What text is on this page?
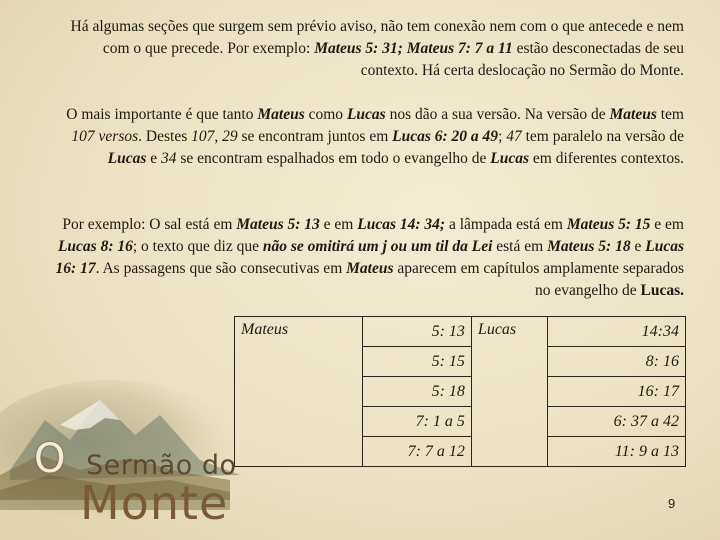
Há algumas seções que surgem sem prévio aviso, não tem conexão nem com o que antecede e nem com o que precede. Por exemplo: Mateus 5: 31; Mateus 7: 7 a 11 estão desconectadas de seu contexto. Há certa deslocação no Sermão do Monte.

O mais importante é que tanto Mateus como Lucas nos dão a sua versão. Na versão de Mateus tem 107 versos. Destes 107, 29 se encontram juntos em Lucas 6: 20 a 49; 47 tem paralelo na versão de Lucas e 34 se encontram espalhados em todo o evangelho de Lucas em diferentes contextos.

Por exemplo: O sal está em Mateus 5: 13 e em Lucas 14: 34; a lâmpada está em Mateus 5: 15 e em Lucas 8: 16; o texto que diz que não se omitirá um j ou um til da Lei está em Mateus 5: 18 e Lucas 16: 17. As passagens que são consecutivas em Mateus aparecem em capítulos amplamente separados no evangelho de Lucas.

Mateus	5: 13	Lucas	14:34
	5: 15		8: 16
	5: 18		16: 17
	7: 1 a 5		6: 37 a 42
	7: 7 a 12		11: 9 a 13
O Sermão do
Monte	9
